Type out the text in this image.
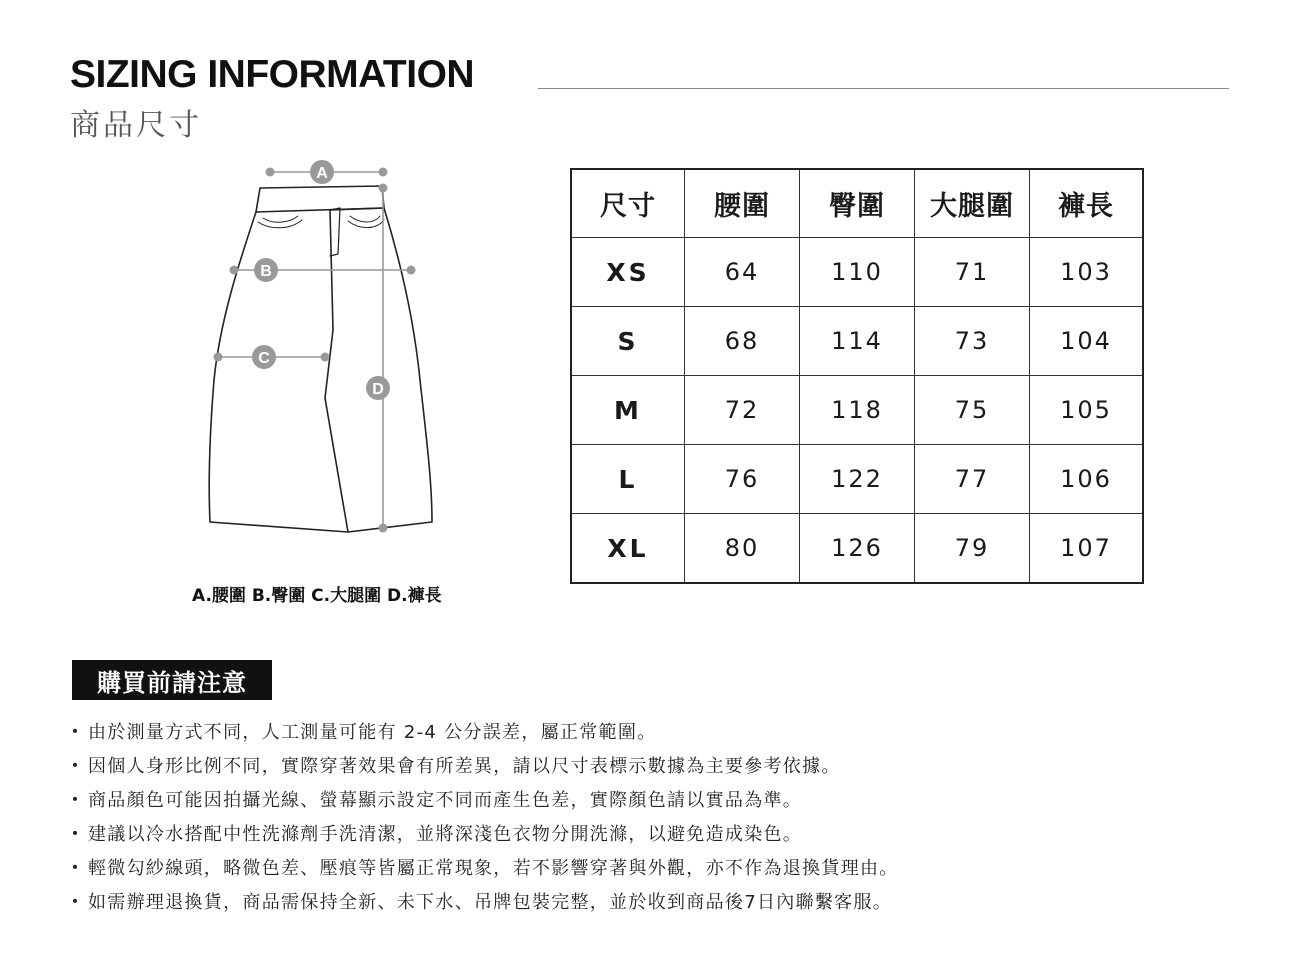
SIZING INFORMATION
商品尺寸
A
B
C
D
A.腰圍 B.臀圍 C.大腿圍 D.褲長
尺寸	腰圍	臀圍	大腿圍	褲長
XS	64	110	71	103
S	68	114	73	104
M	72	118	75	105
L	76	122	77	106
XL	80	126	79	107
購買前請注意
・ 由於測量方式不同，人工測量可能有 2-4 公分誤差，屬正常範圍。
・ 因個人身形比例不同，實際穿著效果會有所差異，請以尺寸表標示數據為主要參考依據。
・ 商品顏色可能因拍攝光線、螢幕顯示設定不同而產生色差，實際顏色請以實品為準。
・ 建議以冷水搭配中性洗滌劑手洗清潔，並將深淺色衣物分開洗滌，以避免造成染色。
・ 輕微勾紗線頭，略微色差、壓痕等皆屬正常現象，若不影響穿著與外觀，亦不作為退換貨理由。
・ 如需辦理退換貨，商品需保持全新、未下水、吊牌包裝完整，並於收到商品後7日內聯繫客服。
